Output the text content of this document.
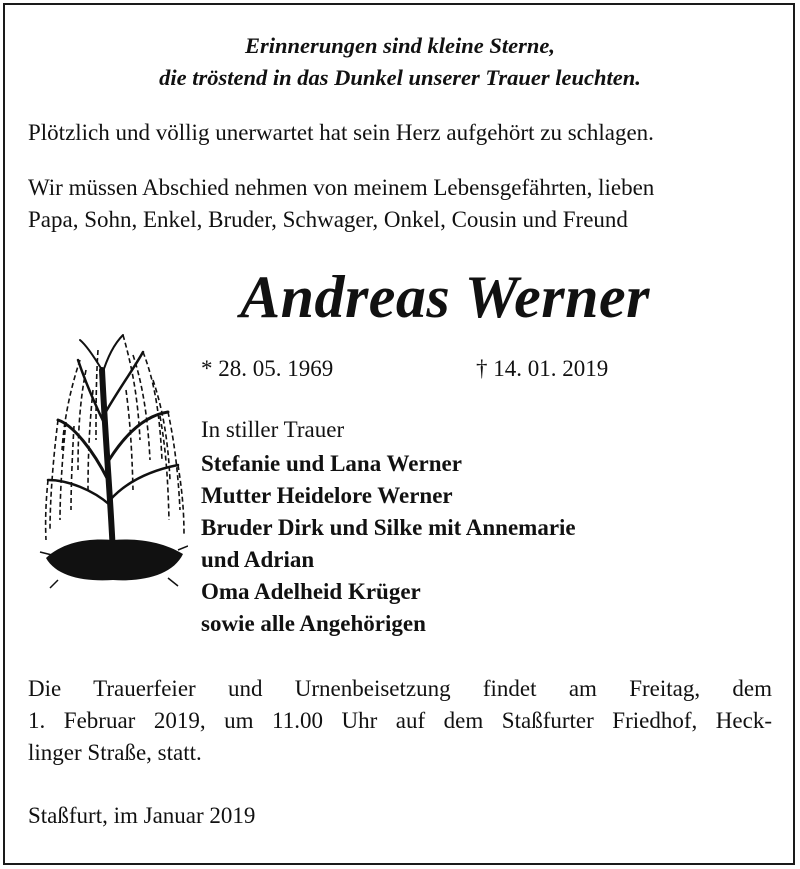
Erinnerungen sind kleine Sterne,
die tröstend in das Dunkel unserer Trauer leuchten.
Plötzlich und völlig unerwartet hat sein Herz aufgehört zu schlagen.
Wir müssen Abschied nehmen von meinem Lebensgefährten, lieben
Papa, Sohn, Enkel, Bruder, Schwager, Onkel, Cousin und Freund
Andreas Werner
* 28. 05. 1969	† 14. 01. 2019
In stiller Trauer
Stefanie und Lana Werner
Mutter Heidelore Werner
Bruder Dirk und Silke mit Annemarie
und Adrian
Oma Adelheid Krüger
sowie alle Angehörigen
Die Trauerfeier und Urnenbeisetzung findet am Freitag, dem
1. Februar 2019, um 11.00 Uhr auf dem Staßfurter Friedhof, Heck-
linger Straße, statt.
Staßfurt, im Januar 2019
